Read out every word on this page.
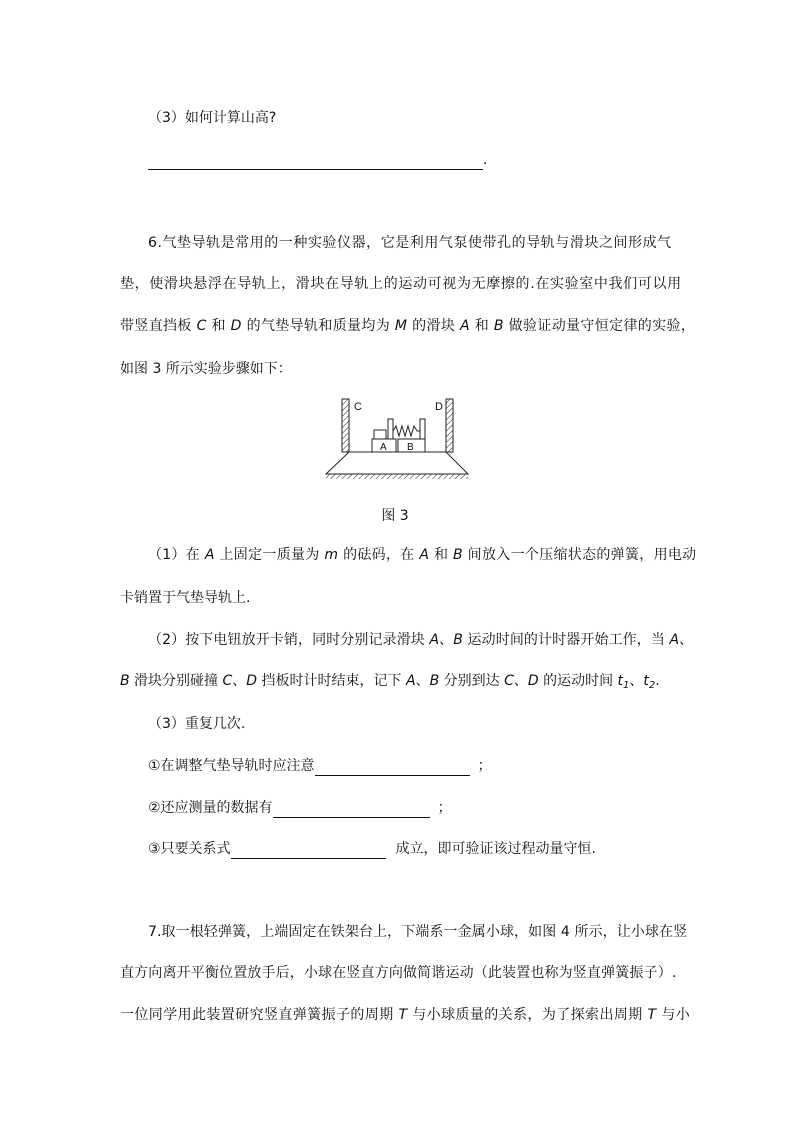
（3）如何计算山高?
.
6.气垫导轨是常用的一种实验仪器，它是利用气泵使带孔的导轨与滑块之间形成气
垫，使滑块悬浮在导轨上，滑块在导轨上的运动可视为无摩擦的.在实验室中我们可以用
带竖直挡板 C 和 D 的气垫导轨和质量均为 M 的滑块 A 和 B 做验证动量守恒定律的实验，
如图 3 所示实验步骤如下：
C	D
A B
图 3
（1）在 A 上固定一质量为 m 的砝码，在 A 和 B 间放入一个压缩状态的弹簧，用电动
卡销置于气垫导轨上.
（2）按下电钮放开卡销，同时分别记录滑块 A、B 运动时间的计时器开始工作，当 A、
B 滑块分别碰撞 C、D 挡板时计时结束，记下 A、B 分别到达 C、D 的运动时间 $t_1$、$t_2$.
（3）重复几次.
①在调整气垫导轨时应注意	；
②还应测量的数据有	；
③只要关系式	成立，即可验证该过程动量守恒.
7.取一根轻弹簧，上端固定在铁架台上，下端系一金属小球，如图 4 所示，让小球在竖
直方向离开平衡位置放手后，小球在竖直方向做简谐运动（此装置也称为竖直弹簧振子）.
一位同学用此装置研究竖直弹簧振子的周期 T 与小球质量的关系，为了探索出周期 T 与小
